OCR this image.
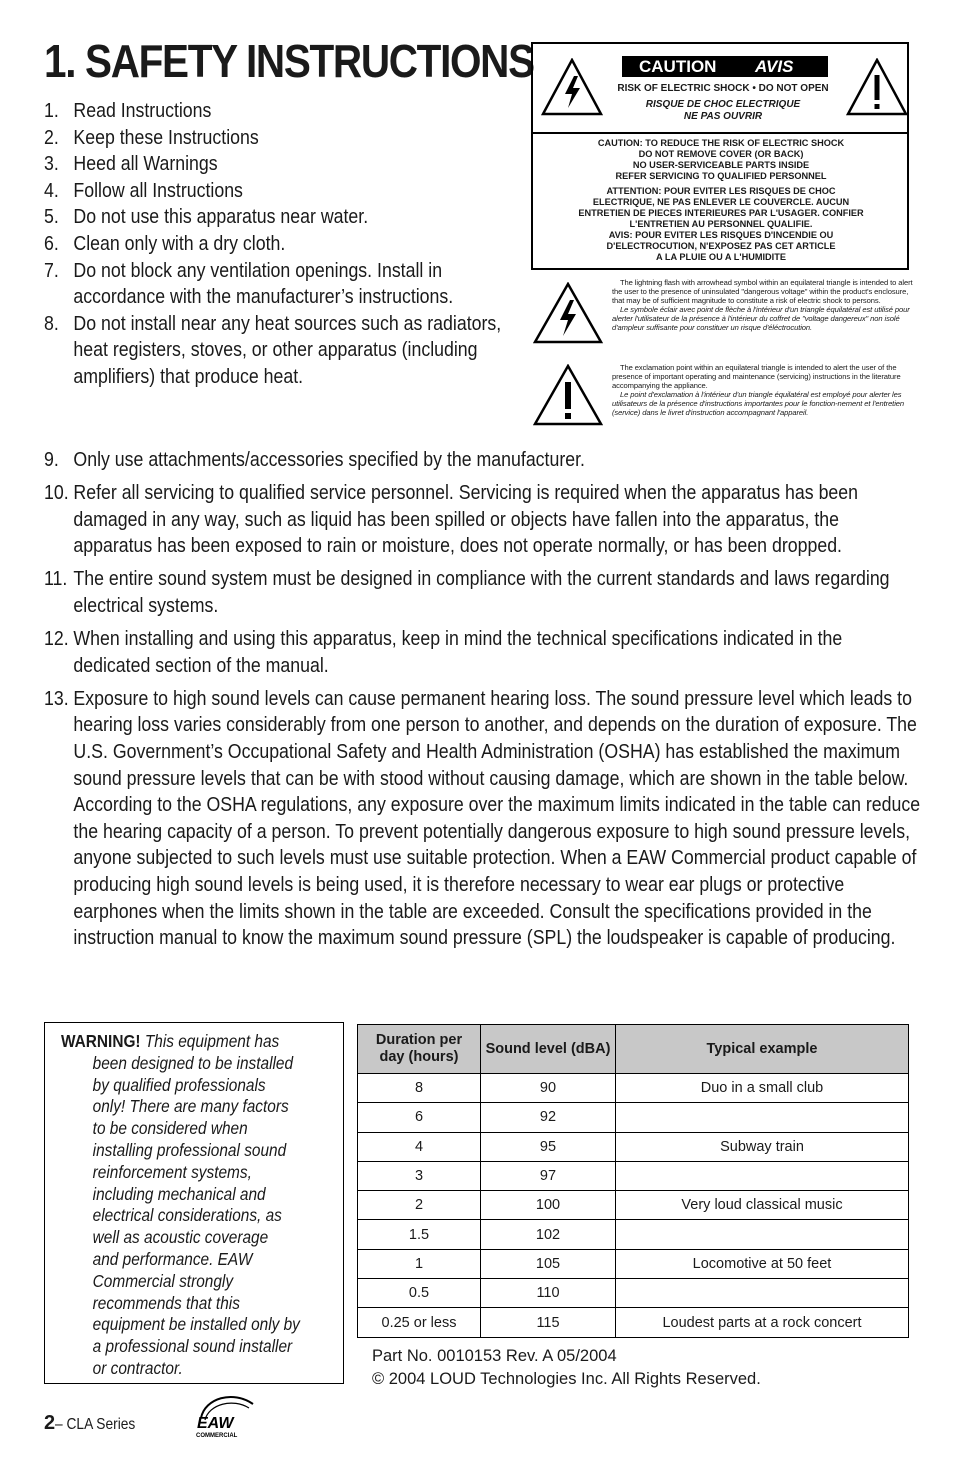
1. SAFETY INSTRUCTIONS
1. Read Instructions
2. Keep these Instructions
3. Heed all Warnings
4. Follow all Instructions
5. Do not use this apparatus near water.
6. Clean only with a dry cloth.
7. Do not block any ventilation openings. Install in accordance with the manufacturer’s instructions.
8. Do not install near any heat sources such as radiators, heat registers, stoves, or other apparatus (including amplifiers) that produce heat.
9. Only use attachments/accessories specified by the manufacturer.
10. Refer all servicing to qualified service personnel. Servicing is required when the apparatus has been damaged in any way, such as liquid has been spilled or objects have fallen into the apparatus, the apparatus has been exposed to rain or moisture, does not operate normally, or has been dropped.
11. The entire sound system must be designed in compliance with the current standards and laws regarding electrical systems.
12. When installing and using this apparatus, keep in mind the technical specifications indicated in the dedicated section of the manual.
13. Exposure to high sound levels can cause permanent hearing loss. The sound pressure level which leads to hearing loss varies considerably from one person to another, and depends on the duration of exposure. The U.S. Government’s Occupational Safety and Health Administration (OSHA) has established the maximum sound pressure levels that can be with stood without causing damage, which are shown in the table below. According to the OSHA regulations, any exposure over the maximum limits indicated in the table can reduce the hearing capacity of a person. To prevent potentially dangerous exposure to high sound pressure levels, anyone subjected to such levels must use suitable protection. When a EAW Commercial product capable of producing high sound levels is being used, it is therefore necessary to wear ear plugs or protective earphones when the limits shown in the table are exceeded. Consult the specifications provided in the instruction manual to know the maximum sound pressure (SPL) the loudspeaker is capable of producing.
CAUTION AVIS
RISK OF ELECTRIC SHOCK • DO NOT OPEN
RISQUE DE CHOC ELECTRIQUE
NE PAS OUVRIR
CAUTION: TO REDUCE THE RISK OF ELECTRIC SHOCK
DO NOT REMOVE COVER (OR BACK)
NO USER-SERVICEABLE PARTS INSIDE
REFER SERVICING TO QUALIFIED PERSONNEL
ATTENTION: POUR EVITER LES RISQUES DE CHOC
ELECTRIQUE, NE PAS ENLEVER LE COUVERCLE. AUCUN
ENTRETIEN DE PIECES INTERIEURES PAR L'USAGER. CONFIER
L'ENTRETIEN AU PERSONNEL QUALIFIE.
AVIS: POUR EVITER LES RISQUES D'INCENDIE OU
D'ELECTROCUTION, N'EXPOSEZ PAS CET ARTICLE
A LA PLUIE OU A L'HUMIDITE
The lightning flash with arrowhead symbol within an equilateral triangle is intended to alert the user to the presence of uninsulated "dangerous voltage" within the product's enclosure, that may be of sufficient magnitude to constitute a risk of electric shock to persons.
Le symbole éclair avec point de flèche à l'intérieur d'un triangle équilatéral est utilisé pour alerter l'utilisateur de la présence à l'intérieur du coffret de "voltage dangereux" non isolé d'ampleur suffisante pour constituer un risque d'éléctrocution.
The exclamation point within an equilateral triangle is intended to alert the user of the presence of important operating and maintenance (servicing) instructions in the literature accompanying the appliance.
Le point d'exclamation à l'intérieur d'un triangle équilatéral est employé pour alerter les utilisateurs de la présence d'instructions importantes pour le fonction-nement et l'entretien (service) dans le livret d'instruction accompagnant l'appareil.
WARNING! This equipment has
been designed to be installed
by qualified professionals
only! There are many factors
to be considered when
installing professional sound
reinforcement systems,
including mechanical and
electrical considerations, as
well as acoustic coverage
and performance. EAW
Commercial strongly
recommends that this
equipment be installed only by
a professional sound installer
or contractor.
Duration per day (hours)	Sound level (dBA)	Typical example
8	90	Duo in a small club
6	92	
4	95	Subway train
3	97	
2	100	Very loud classical music
1.5	102	
1	105	Locomotive at 50 feet
0.5	110	
0.25 or less	115	Loudest parts at a rock concert
Part No. 0010153 Rev. A 05/2004
© 2004 LOUD Technologies Inc. All Rights Reserved.
2– CLA Series	EAW
COMMERCIAL
